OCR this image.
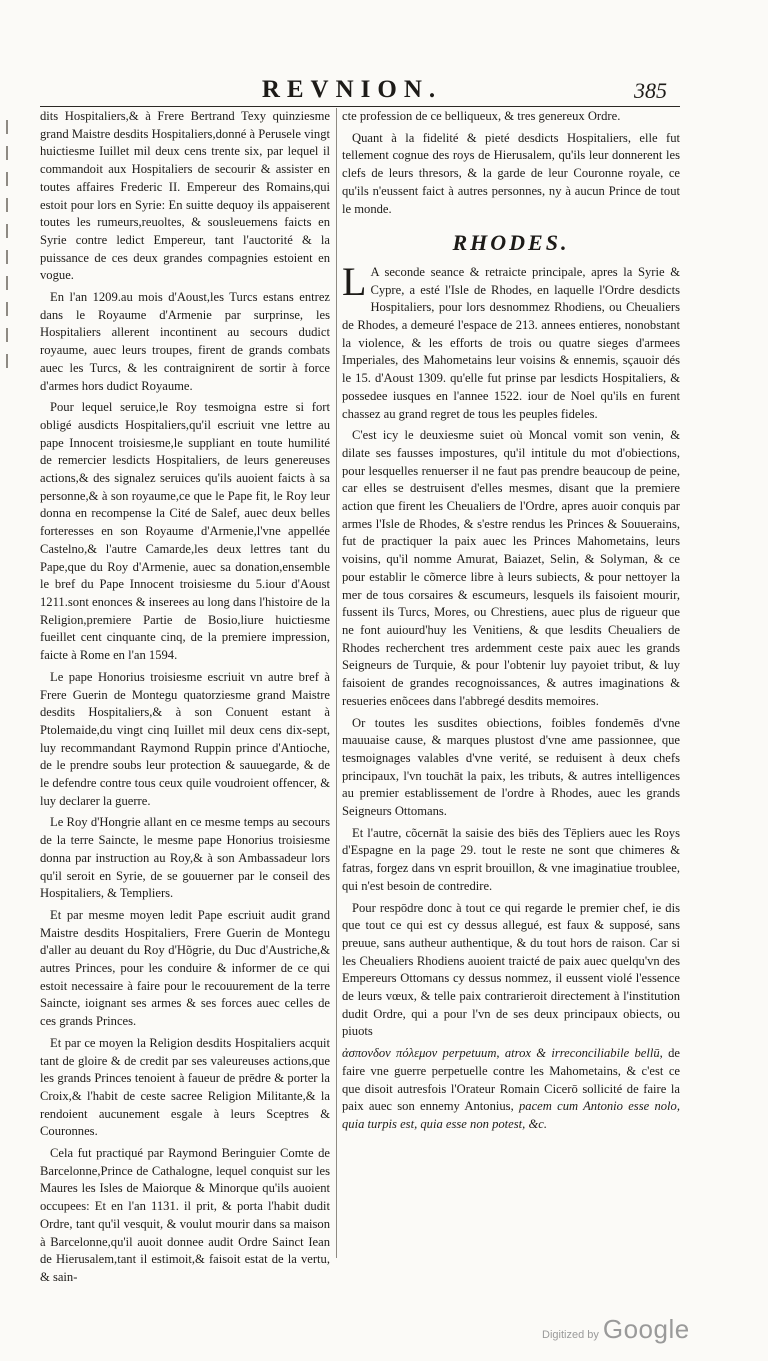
REVNION.	385

dits Hospitaliers,& à Frere Bertrand Texy quinziesme grand Maistre desdits Hospitaliers,donné à Perusele vingt huictiesme Iuillet mil deux cens trente six, par lequel il commandoit aux Hospitaliers de secourir & assister en toutes affaires Frederic II. Empereur des Romains,qui estoit pour lors en Syrie: En suitte dequoy ils appaiserent toutes les rumeurs,reuoltes, & sousleuemens faicts en Syrie contre ledict Empereur, tant l'auctorité & la puissance de ces deux grandes compagnies estoient en vogue.

En l'an 1209.au mois d'Aoust,les Turcs estans entrez dans le Royaume d'Armenie par surprinse, les Hospitaliers allerent incontinent au secours dudict royaume, auec leurs troupes, firent de grands combats auec les Turcs, & les contraignirent de sortir à force d'armes hors dudict Royaume.

Pour lequel seruice,le Roy tesmoigna estre si fort obligé ausdicts Hospitaliers,qu'il escriuit vne lettre au pape Innocent troisiesme,le suppliant en toute humilité de remercier lesdicts Hospitaliers, de leurs genereuses actions,& des signalez seruices qu'ils auoient faicts à sa personne,& à son royaume,ce que le Pape fit, le Roy leur donna en recompense la Cité de Salef, auec deux belles forteresses en son Royaume d'Armenie,l'vne appellée Castelno,& l'autre Camarde,les deux lettres tant du Pape,que du Roy d'Armenie, auec sa donation,ensemble le bref du Pape Innocent troisiesme du 5.iour d'Aoust 1211.sont enonces & inserees au long dans l'histoire de la Religion,premiere Partie de Bosio,liure huictiesme fueillet cent cinquante cinq, de la premiere impression, faicte à Rome en l'an 1594.

Le pape Honorius troisiesme escriuit vn autre bref à Frere Guerin de Montegu quatorziesme grand Maistre desdits Hospitaliers,& à son Conuent estant à Ptolemaide,du vingt cinq Iuillet mil deux cens dix-sept, luy recommandant Raymond Ruppin prince d'Antioche, de le prendre soubs leur protection & sauuegarde, & de le defendre contre tous ceux quile voudroient offencer, & luy declarer la guerre.

Le Roy d'Hongrie allant en ce mesme temps au secours de la terre Saincte, le mesme pape Honorius troisiesme donna par instruction au Roy,& à son Ambassadeur lors qu'il seroit en Syrie, de se gouuerner par le conseil des Hospitaliers, & Templiers.

Et par mesme moyen ledit Pape escriuit audit grand Maistre desdits Hospitaliers, Frere Guerin de Montegu d'aller au deuant du Roy d'Hõgrie, du Duc d'Austriche,& autres Princes, pour les conduire & informer de ce qui estoit necessaire à faire pour le recouurement de la terre Saincte, ioignant ses armes & ses forces auec celles de ces grands Princes.

Et par ce moyen la Religion desdits Hospitaliers acquit tant de gloire & de credit par ses valeureuses actions,que les grands Princes tenoient à faueur de prēdre & porter la Croix,& l'habit de ceste sacree Religion Militante,& la rendoient aucunement esgale à leurs Sceptres & Couronnes.

Cela fut practiqué par Raymond Beringuier Comte de Barcelonne,Prince de Cathalogne, lequel conquist sur les Maures les Isles de Maiorque & Minorque qu'ils auoient occupees: Et en l'an 1131. il prit, & porta l'habit dudit Ordre, tant qu'il vesquit, & voulut mourir dans sa maison à Barcelonne,qu'il auoit donnee audit Ordre Sainct Iean de Hierusalem,tant il estimoit,& faisoit estat de la vertu, & sain-

cte profession de ce belliqueux, & tres genereux Ordre.

Quant à la fidelité & pieté desdicts Hospitaliers, elle fut tellement cognue des roys de Hierusalem, qu'ils leur donnerent les clefs de leurs thresors, & la garde de leur Couronne royale, ce qu'ils n'eussent faict à autres personnes, ny à aucun Prince de tout le monde.

RHODES.

LA seconde seance & retraicte principale, apres la Syrie & Cypre, a esté l'Isle de Rhodes, en laquelle l'Ordre desdicts Hospitaliers, pour lors desnommez Rhodiens, ou Cheualiers de Rhodes, a demeuré l'espace de 213. annees entieres, nonobstant la violence, & les efforts de trois ou quatre sieges d'armees Imperiales, des Mahometains leur voisins & ennemis, sçauoir dés le 15. d'Aoust 1309. qu'elle fut prinse par lesdicts Hospitaliers, & possedee iusques en l'annee 1522. iour de Noel qu'ils en furent chassez au grand regret de tous les peuples fideles.

C'est icy le deuxiesme suiet où Moncal vomit son venin, & dilate ses fausses impostures, qu'il intitule du mot d'obiections, pour lesquelles renuerser il ne faut pas prendre beaucoup de peine, car elles se destruisent d'elles mesmes, disant que la premiere action que firent les Cheualiers de l'Ordre, apres auoir conquis par armes l'Isle de Rhodes, & s'estre rendus les Princes & Souuerains, fut de practiquer la paix auec les Princes Mahometains, leurs voisins, qu'il nomme Amurat, Baiazet, Selin, & Solyman, & ce pour establir le cõmerce libre à leurs subiects, & pour nettoyer la mer de tous corsaires & escumeurs, lesquels ils faisoient mourir, fussent ils Turcs, Mores, ou Chrestiens, auec plus de rigueur que ne font auiourd'huy les Venitiens, & que lesdits Cheualiers de Rhodes recherchent tres ardemment ceste paix auec les grands Seigneurs de Turquie, & pour l'obtenir luy payoiet tribut, & luy faisoient de grandes recognoissances, & autres imaginations & resueries enõcees dans l'abbregé desdits memoires.

Or toutes les susdites obiections, foibles fondemēs d'vne mauuaise cause, & marques plustost d'vne ame passionnee, que tesmoignages valables d'vne verité, se reduisent à deux chefs principaux, l'vn touchāt la paix, les tributs, & autres intelligences au premier establissement de l'ordre à Rhodes, auec les grands Seigneurs Ottomans.

Et l'autre, cõcernāt la saisie des biēs des Tēpliers auec les Roys d'Espagne en la page 29. tout le reste ne sont que chimeres & fatras, forgez dans vn esprit brouillon, & vne imaginatiue troublee, qui n'est besoin de contredire.

Pour respōdre donc à tout ce qui regarde le premier chef, ie dis que tout ce qui est cy dessus allegué, est faux & supposé, sans preuue, sans autheur authentique, & du tout hors de raison. Car si les Cheualiers Rhodiens auoient traicté de paix auec quelqu'vn des Empereurs Ottomans cy dessus nommez, il eussent violé l'essence de leurs vœux, & telle paix contrarieroit directement à l'institution dudit Ordre, qui a pour l'vn de ses deux principaux obiects, ou piuots

ἀσπονδον πόλεμον perpetuum, atrox & irreconciliabile bellū, de faire vne guerre perpetuelle contre les Mahometains, & c'est ce que disoit autresfois l'Orateur Romain Cicerō sollicité de faire la paix auec son ennemy Antonius, pacem cum Antonio esse nolo, quia turpis est, quia esse non potest, &c.

Digitized by Google
